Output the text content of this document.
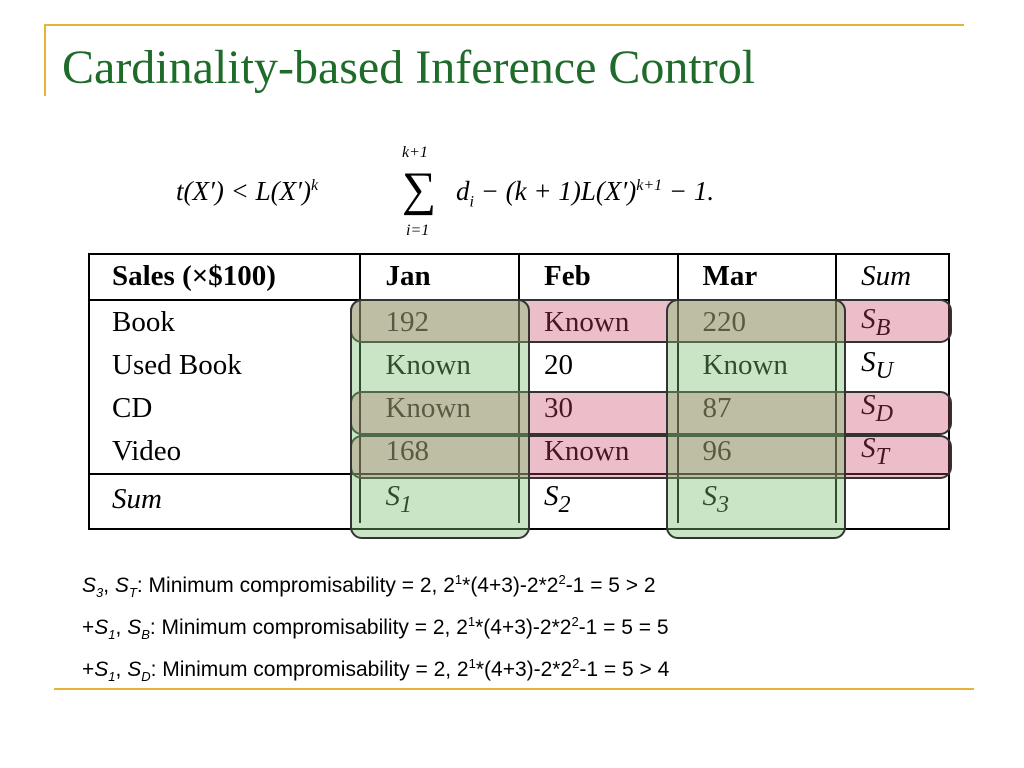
Cardinality-based Inference Control
$t(X') < L(X')^k$
k+1
∑
i=1
$d_i - (k + 1)L(X')^{k+1} - 1$.
Sales (×$100)	Jan	Feb	Mar	Sum
Book	192	Known	220	$S_B$
Used Book	Known	20	Known	$S_U$
CD	Known	30	87	$S_D$
Video	168	Known	96	$S_T$
Sum	$S_1$	$S_2$	$S_3$	
$S_3$, $S_T$: Minimum compromisability = 2, $2^1*(4+3)-2*2^2-1 = 5 > 2$
$+S_1$, $S_B$: Minimum compromisability = 2, $2^1*(4+3)-2*2^2-1 = 5 = 5$
$+S_1$, $S_D$: Minimum compromisability = 2, $2^1*(4+3)-2*2^2-1 = 5 > 4$
